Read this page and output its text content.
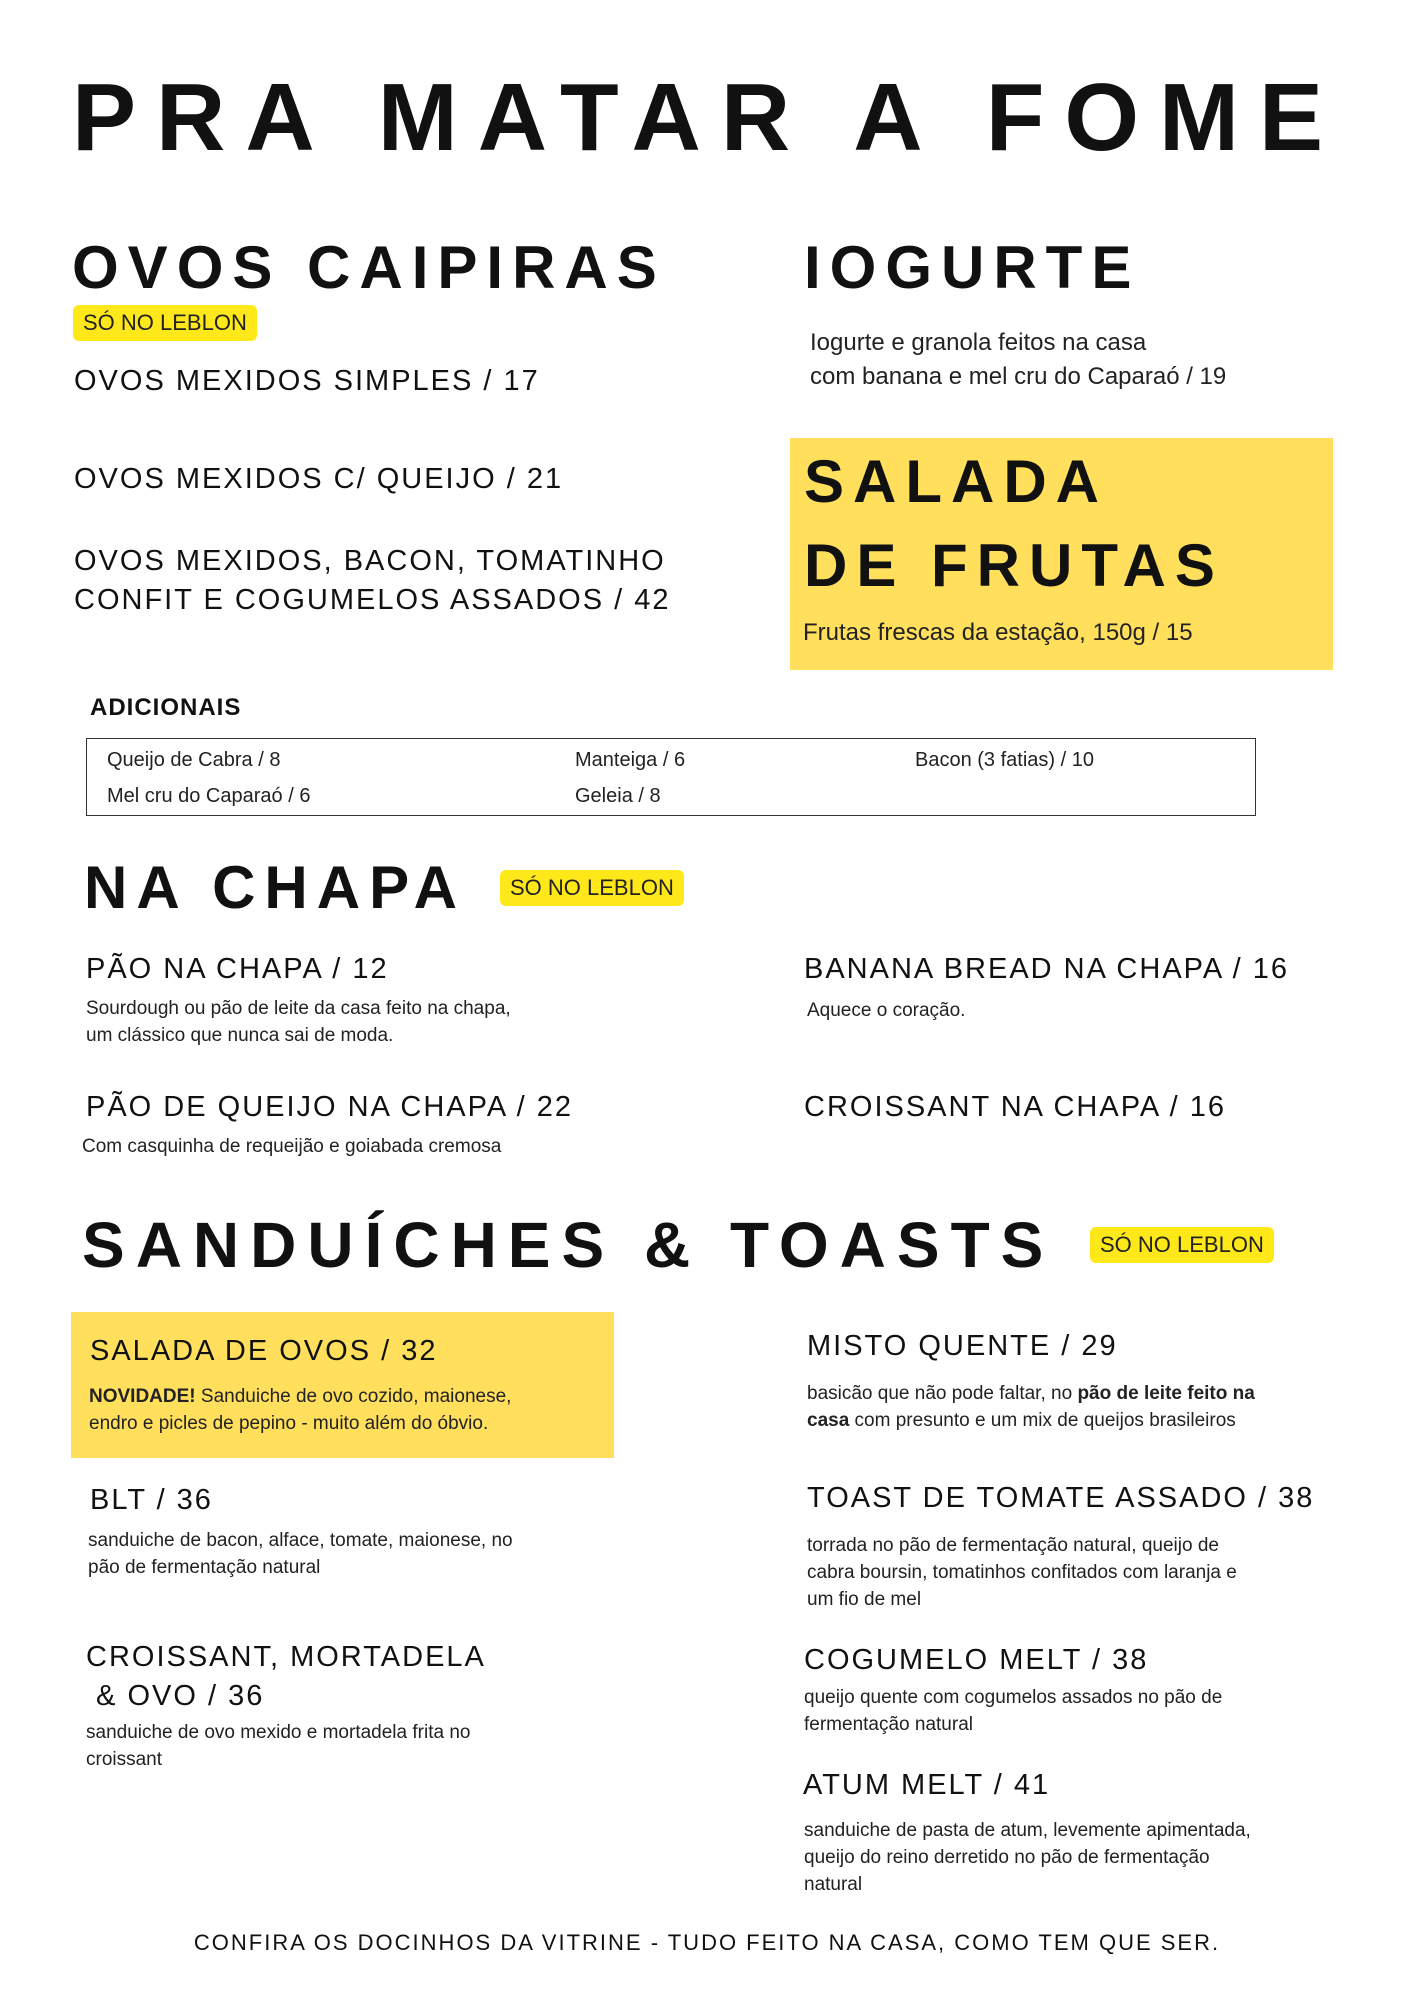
PRA MATAR A FOME
OVOS CAIPIRAS
SÓ NO LEBLON
OVOS MEXIDOS SIMPLES / 17
OVOS MEXIDOS C/ QUEIJO / 21
OVOS MEXIDOS, BACON, TOMATINHO
CONFIT E COGUMELOS ASSADOS / 42
IOGURTE
Iogurte e granola feitos na casa
com banana e mel cru do Caparaó / 19
SALADA
DE FRUTAS
Frutas frescas da estação, 150g / 15
ADICIONAIS
Queijo de Cabra / 8
Mel cru do Caparaó / 6
Manteiga / 6
Geleia / 8
Bacon (3 fatias) / 10
NA CHAPA	SÓ NO LEBLON
PÃO NA CHAPA / 12
Sourdough ou pão de leite da casa feito na chapa,
um clássico que nunca sai de moda.
BANANA BREAD NA CHAPA / 16
Aquece o coração.
PÃO DE QUEIJO NA CHAPA / 22
Com casquinha de requeijão e goiabada cremosa
CROISSANT NA CHAPA / 16
SANDUÍCHES & TOASTS	SÓ NO LEBLON
SALADA DE OVOS / 32
NOVIDADE! Sanduiche de ovo cozido, maionese,
endro e picles de pepino - muito além do óbvio.
BLT / 36
sanduiche de bacon, alface, tomate, maionese, no
pão de fermentação natural
CROISSANT, MORTADELA
& OVO / 36
sanduiche de ovo mexido e mortadela frita no
croissant
MISTO QUENTE / 29
basicão que não pode faltar, no pão de leite feito na
casa com presunto e um mix de queijos brasileiros
TOAST DE TOMATE ASSADO / 38
torrada no pão de fermentação natural, queijo de
cabra boursin, tomatinhos confitados com laranja e
um fio de mel
COGUMELO MELT / 38
queijo quente com cogumelos assados no pão de
fermentação natural
ATUM MELT / 41
sanduiche de pasta de atum, levemente apimentada,
queijo do reino derretido no pão de fermentação
natural
CONFIRA OS DOCINHOS DA VITRINE - TUDO FEITO NA CASA, COMO TEM QUE SER.
